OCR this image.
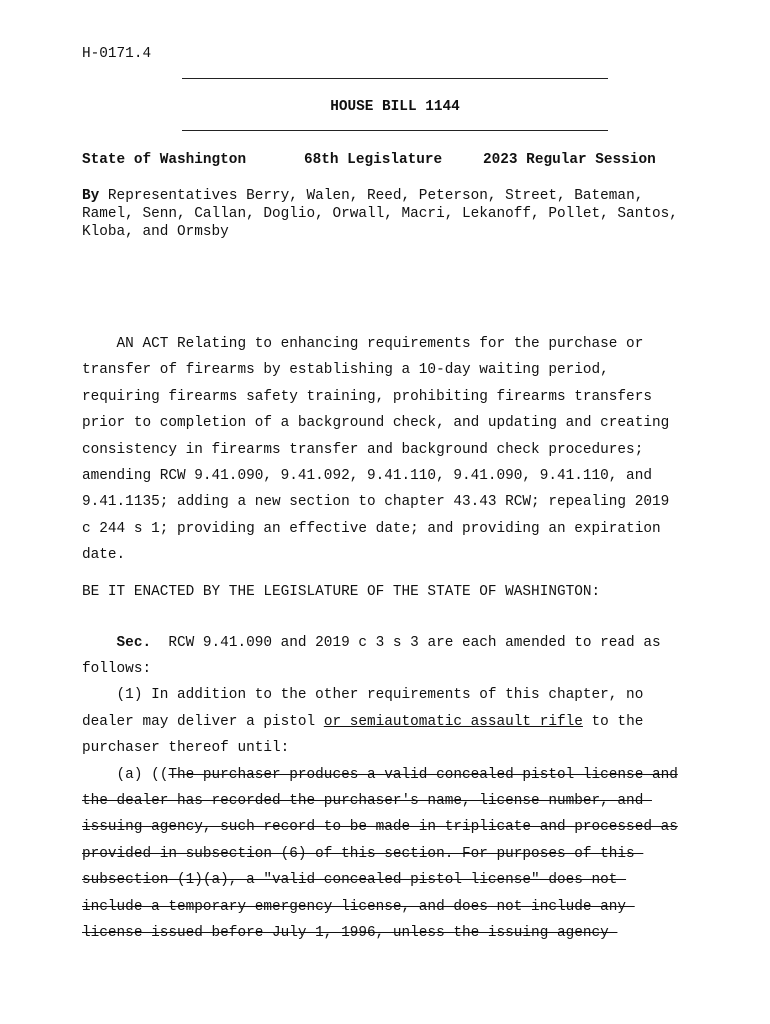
H-0171.4
HOUSE BILL 1144
State of Washington	68th Legislature	2023 Regular Session
By Representatives Berry, Walen, Reed, Peterson, Street, Bateman,
Ramel, Senn, Callan, Doglio, Orwall, Macri, Lekanoff, Pollet, Santos,
Kloba, and Ormsby
AN ACT Relating to enhancing requirements for the purchase or
transfer of firearms by establishing a 10-day waiting period,
requiring firearms safety training, prohibiting firearms transfers
prior to completion of a background check, and updating and creating
consistency in firearms transfer and background check procedures;
amending RCW 9.41.090, 9.41.092, 9.41.110, 9.41.090, 9.41.110, and
9.41.1135; adding a new section to chapter 43.43 RCW; repealing 2019
c 244 s 1; providing an effective date; and providing an expiration
date.
BE IT ENACTED BY THE LEGISLATURE OF THE STATE OF WASHINGTON:
Sec.  RCW 9.41.090 and 2019 c 3 s 3 are each amended to read as
follows:
(1) In addition to the other requirements of this chapter, no
dealer may deliver a pistol or semiautomatic assault rifle to the
purchaser thereof until:
(a) ((The purchaser produces a valid concealed pistol license and
the dealer has recorded the purchaser's name, license number, and
issuing agency, such record to be made in triplicate and processed as
provided in subsection (6) of this section. For purposes of this
subsection (1)(a), a "valid concealed pistol license" does not
include a temporary emergency license, and does not include any
license issued before July 1, 1996, unless the issuing agency
